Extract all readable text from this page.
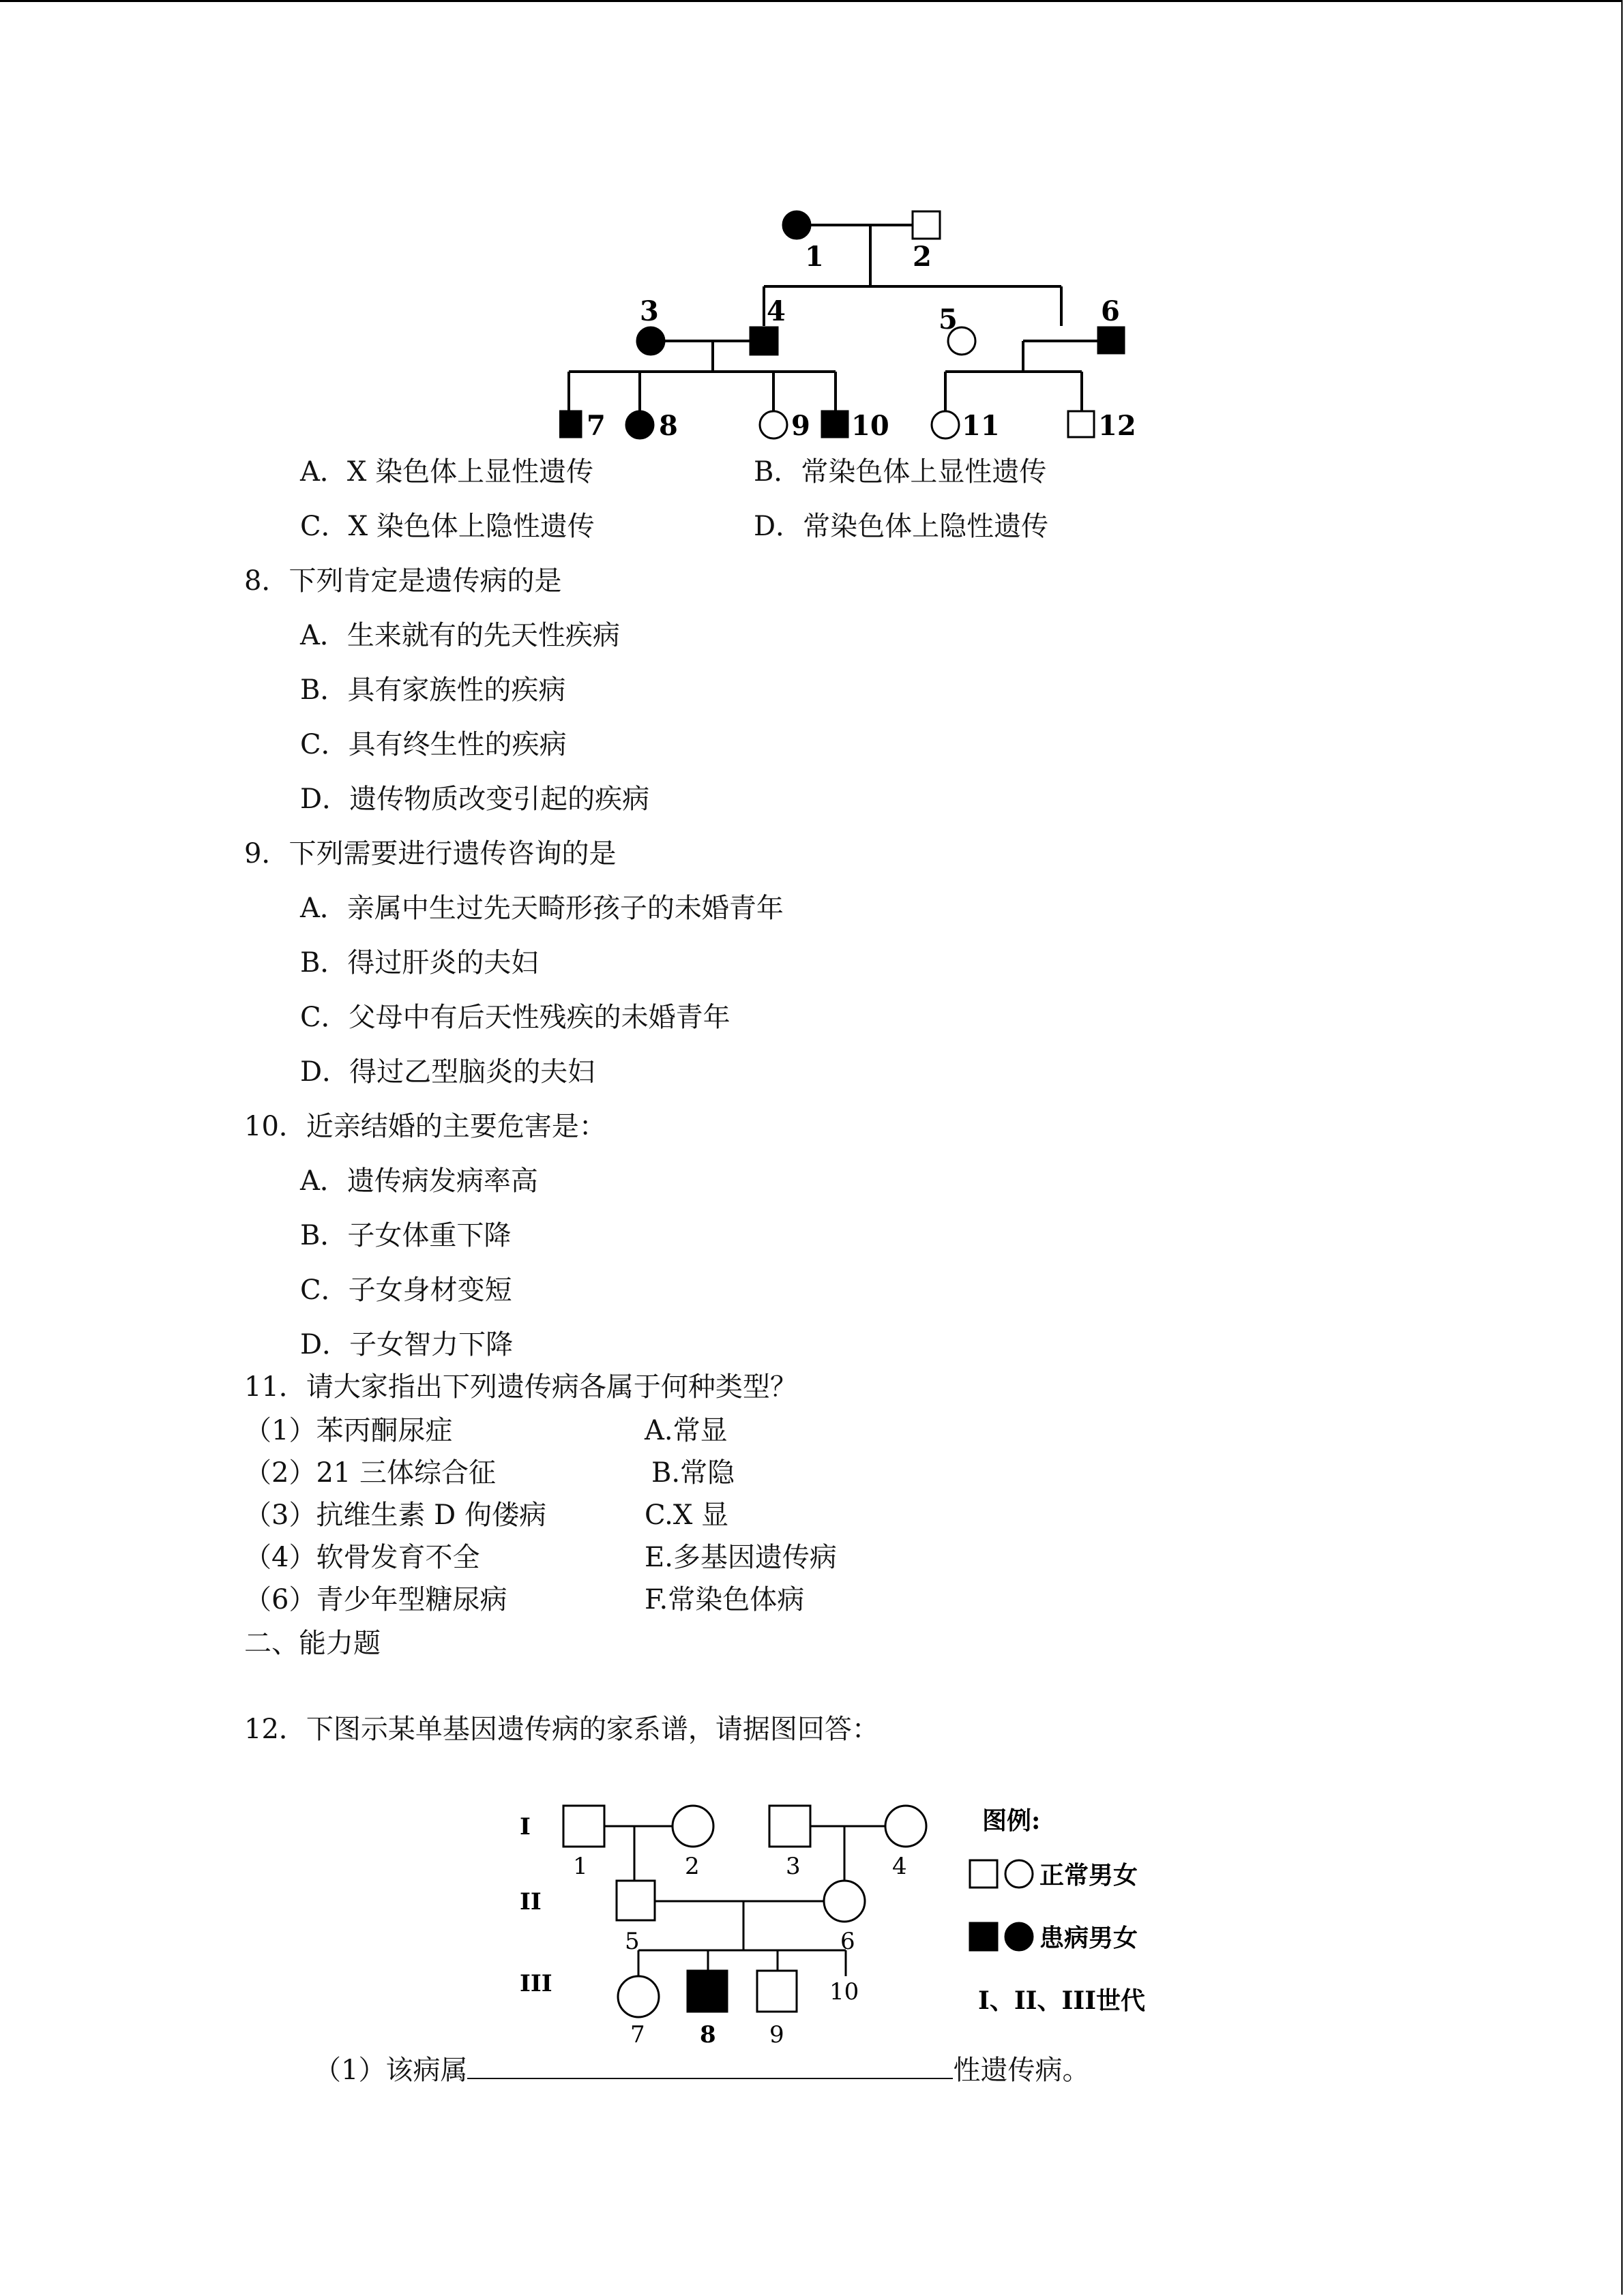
1	2
3	4	5	6
7 8	9 10	11	12
A．X 染色体上显性遗传	B．常染色体上显性遗传
C．X 染色体上隐性遗传	D．常染色体上隐性遗传
8．下列肯定是遗传病的是
A．生来就有的先天性疾病
B．具有家族性的疾病
C．具有终生性的疾病
D．遗传物质改变引起的疾病
9．下列需要进行遗传咨询的是
A．亲属中生过先天畸形孩子的未婚青年
B．得过肝炎的夫妇
C．父母中有后天性残疾的未婚青年
D．得过乙型脑炎的夫妇
10．近亲结婚的主要危害是：
A．遗传病发病率高
B．子女体重下降
C．子女身材变短
D．子女智力下降
11．请大家指出下列遗传病各属于何种类型？
（1）苯丙酮尿症	A.常显
（2）21 三体综合征	B.常隐
（3）抗维生素 D 佝偻病	C.X 显
（4）软骨发育不全	E.多基因遗传病
（6）青少年型糖尿病	F.常染色体病
二、能力题
12．下图示某单基因遗传病的家系谱，请据图回答：
I
II
III
1	2	3	4
5	6
7 8 9
10
图例:
正常男女
患病男女
I、II、III世代
（1）该病属	性遗传病。
